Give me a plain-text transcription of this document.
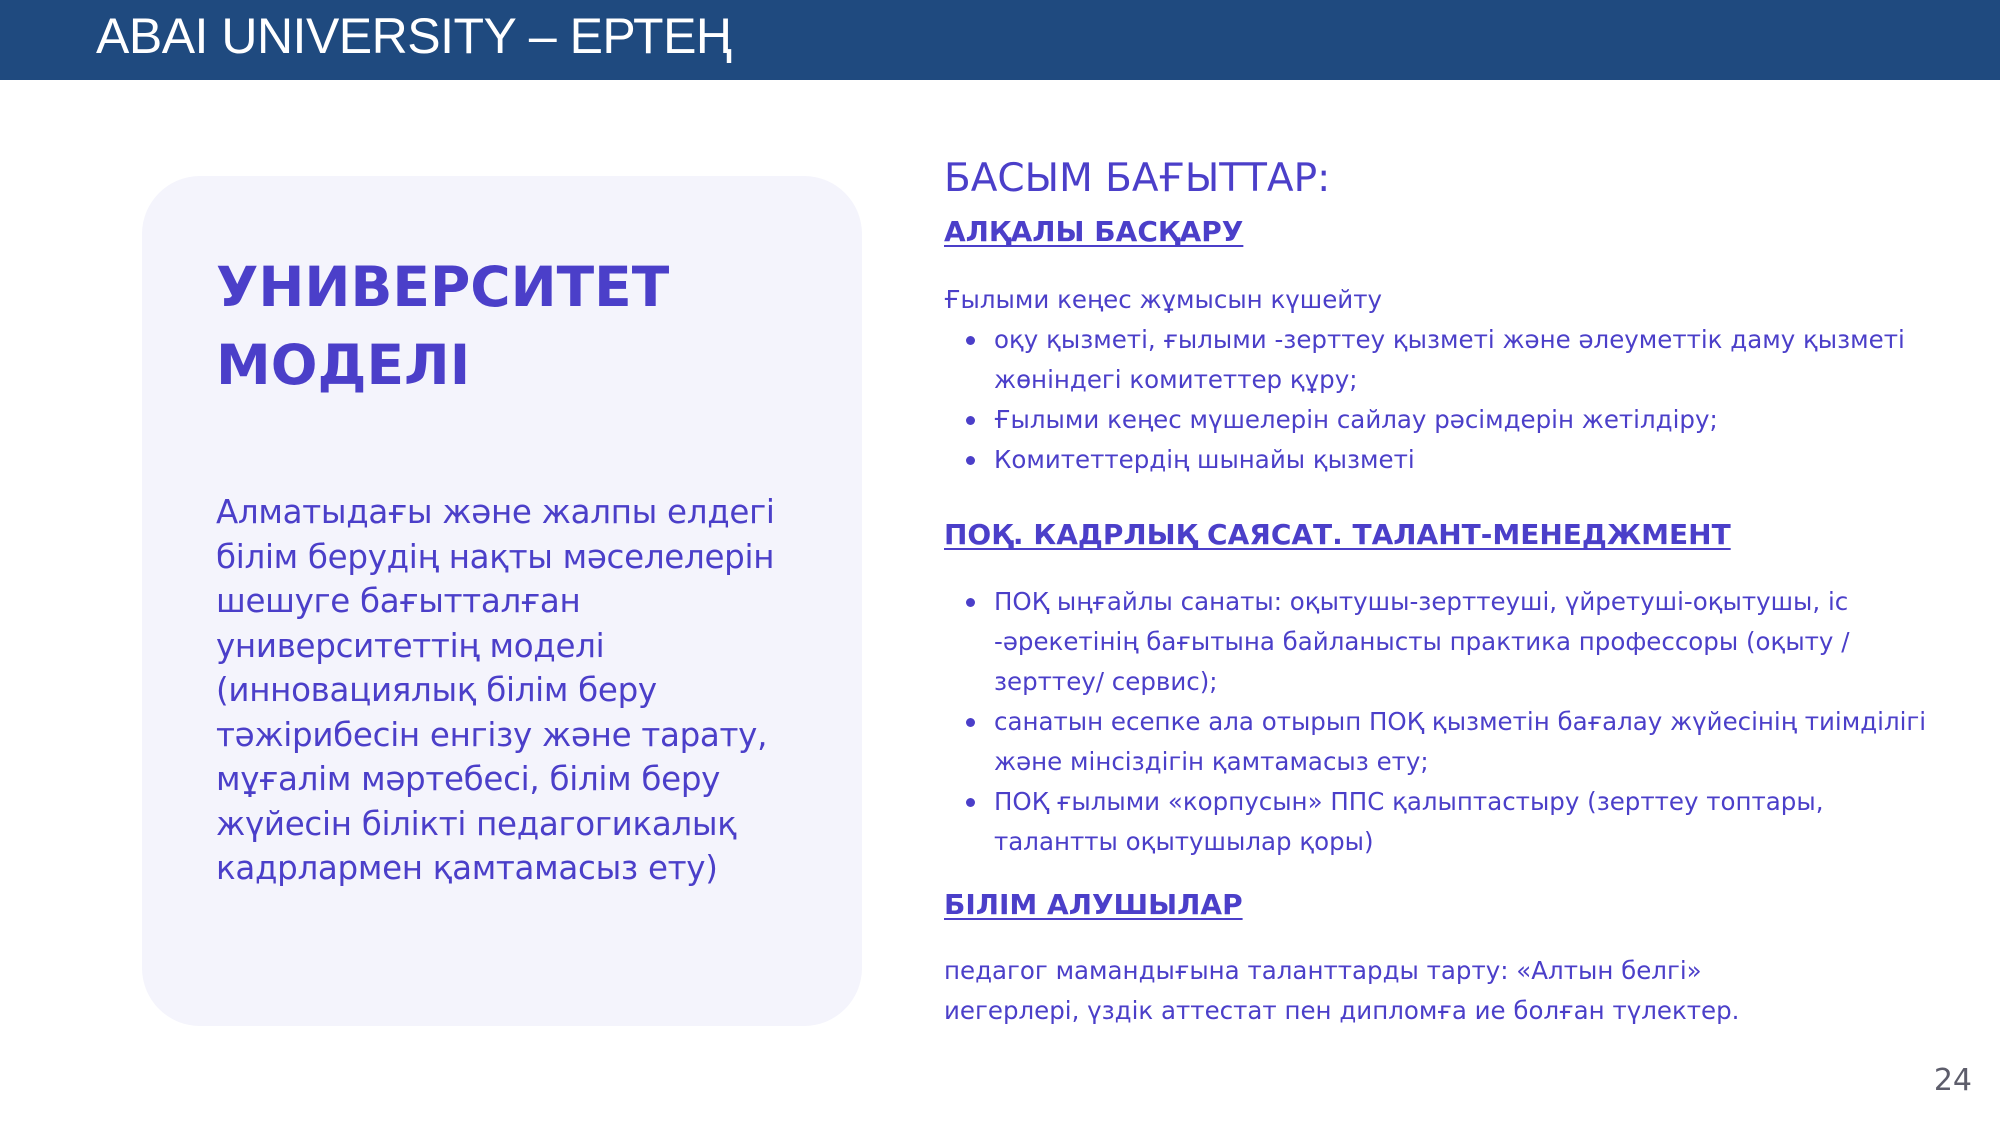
ABAI UNIVERSITY – ЕРТЕҢ
УНИВЕРСИТЕТ
МОДЕЛІ

Алматыдағы және жалпы елдегі білім берудің нақты мәселелерін шешуге бағытталған университеттің моделі (инновациялық білім беру тәжірибесін енгізу және тарату, мұғалім мәртебесі, білім беру жүйесін білікті педагогикалық кадрлармен қамтамасыз ету)

БАСЫМ БАҒЫТТАР:
АЛҚАЛЫ БАСҚАРУ

Ғылыми кеңес жұмысын күшейту

оқу қызметі, ғылыми -зерттеу қызметі және әлеуметтік даму қызметі жөніндегі комитеттер құру;
Ғылыми кеңес мүшелерін сайлау рәсімдерін жетілдіру;
Комитеттердің шынайы қызметі
ПОҚ. КАДРЛЫҚ САЯСАТ. ТАЛАНТ-МЕНЕДЖМЕНТ
ПОҚ ыңғайлы санаты: оқытушы-зерттеуші, үйретуші-оқытушы, іс -әрекетінің бағытына байланысты практика профессоры (оқыту /зерттеу/ сервис);
санатын есепке ала отырып ПОҚ қызметін бағалау жүйесінің тиімділігі және мінсіздігін қамтамасыз ету;
ПОҚ ғылыми «корпусын» ППС қалыптастыру (зерттеу топтары, талантты оқытушылар қоры)
БІЛІМ АЛУШЫЛАР

педагог мамандығына таланттарды тарту: «Алтын белгі» иегерлері, үздік аттестат пен дипломға ие болған түлектер.

24
